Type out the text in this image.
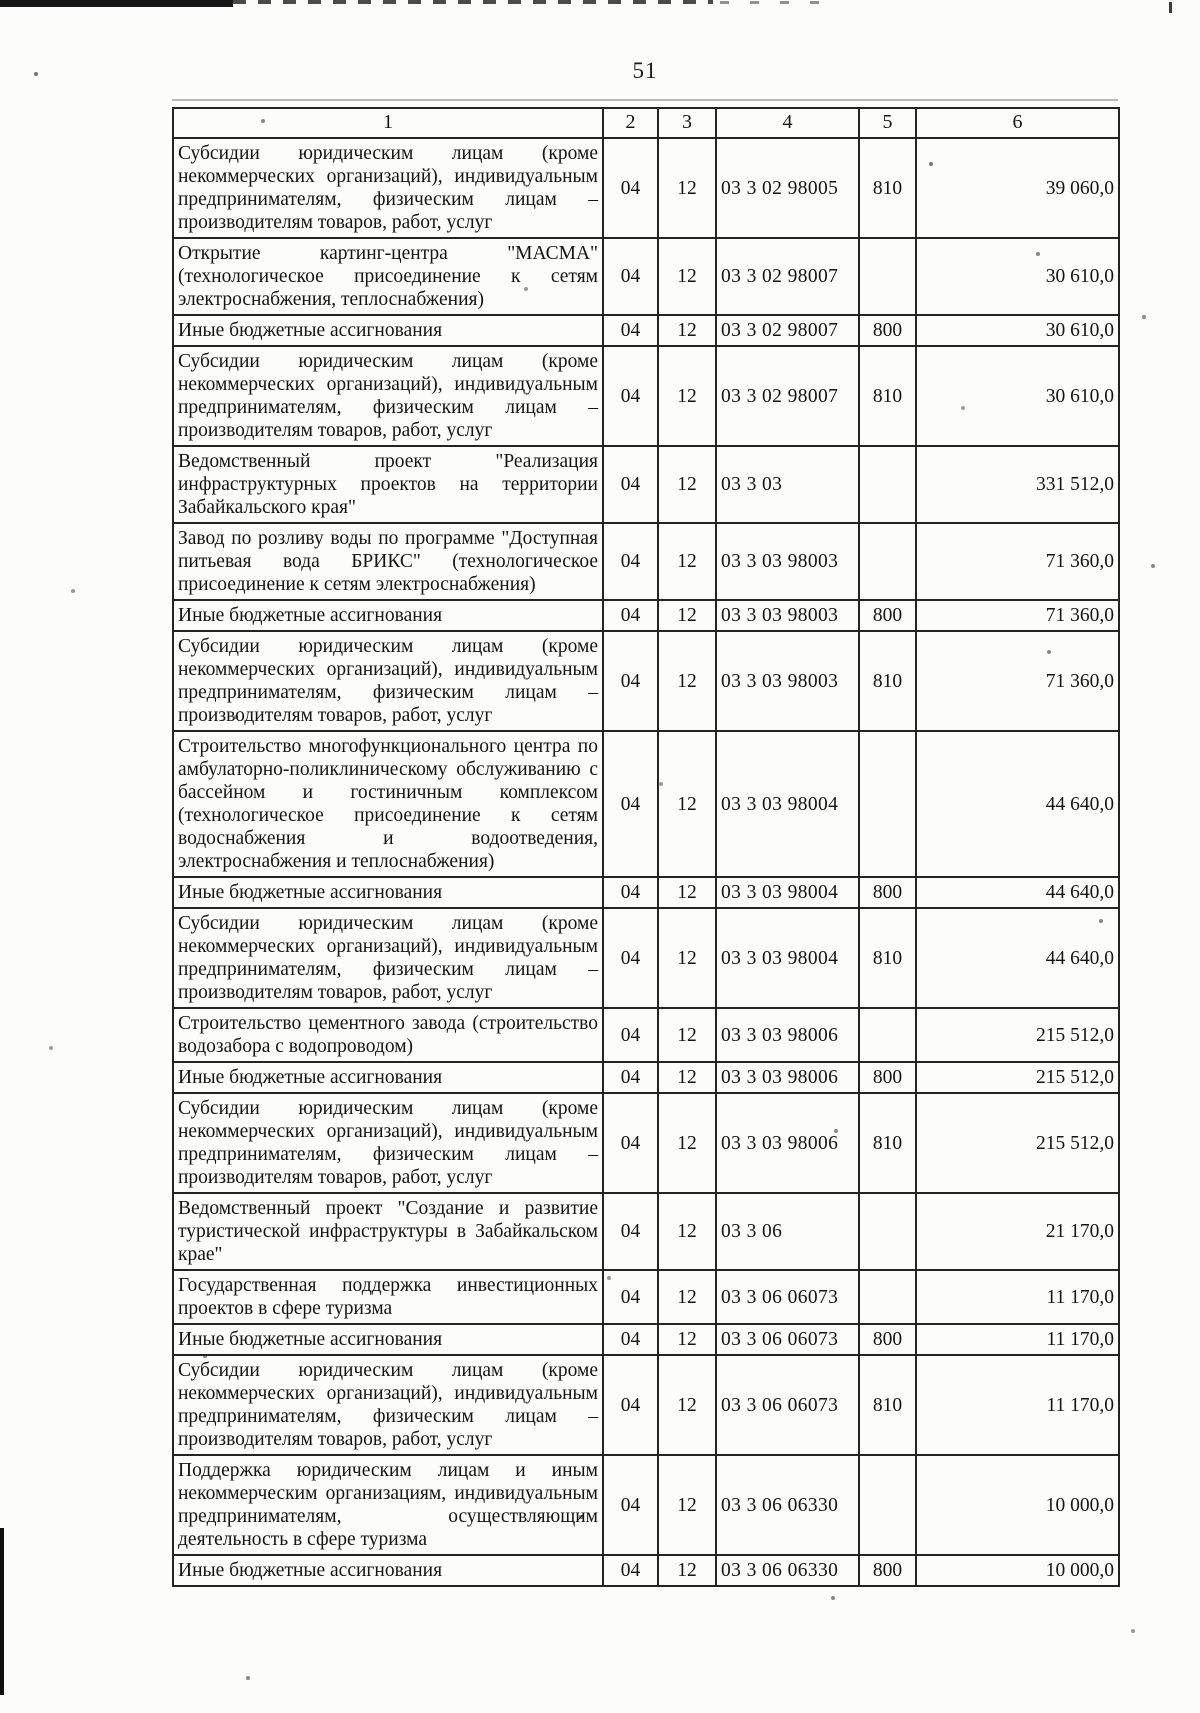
51
1	2	3	4	5	6
Субсидии юридическим лицам (кроме некоммерческих организаций), индивидуальным предпринимателям, физическим лицам – производителям товаров, работ, услуг	04	12	03 3 02 98005	810	39 060,0
Открытие картинг-центра "МАСМА" (технологическое присоединение к сетям электроснабжения, теплоснабжения)	04	12	03 3 02 98007		30 610,0
Иные бюджетные ассигнования	04	12	03 3 02 98007	800	30 610,0
Субсидии юридическим лицам (кроме некоммерческих организаций), индивидуальным предпринимателям, физическим лицам – производителям товаров, работ, услуг	04	12	03 3 02 98007	810	30 610,0
Ведомственный проект "Реализация инфраструктурных проектов на территории Забайкальского края"	04	12	03 3 03		331 512,0
Завод по розливу воды по программе "Доступная питьевая вода БРИКС" (технологическое присоединение к сетям электроснабжения)	04	12	03 3 03 98003		71 360,0
Иные бюджетные ассигнования	04	12	03 3 03 98003	800	71 360,0
Субсидии юридическим лицам (кроме некоммерческих организаций), индивидуальным предпринимателям, физическим лицам – производителям товаров, работ, услуг	04	12	03 3 03 98003	810	71 360,0
Строительство многофункционального центра по амбулаторно-поликлиническому обслуживанию с бассейном и гостиничным комплексом (технологическое присоединение к сетям водоснабжения и водоотведения, электроснабжения и теплоснабжения)	04	12	03 3 03 98004		44 640,0
Иные бюджетные ассигнования	04	12	03 3 03 98004	800	44 640,0
Субсидии юридическим лицам (кроме некоммерческих организаций), индивидуальным предпринимателям, физическим лицам – производителям товаров, работ, услуг	04	12	03 3 03 98004	810	44 640,0
Строительство цементного завода (строительство водозабора с водопроводом)	04	12	03 3 03 98006		215 512,0
Иные бюджетные ассигнования	04	12	03 3 03 98006	800	215 512,0
Субсидии юридическим лицам (кроме некоммерческих организаций), индивидуальным предпринимателям, физическим лицам – производителям товаров, работ, услуг	04	12	03 3 03 98006	810	215 512,0
Ведомственный проект "Создание и развитие туристической инфраструктуры в Забайкальском крае"	04	12	03 3 06		21 170,0
Государственная поддержка инвестиционных проектов в сфере туризма	04	12	03 3 06 06073		11 170,0
Иные бюджетные ассигнования	04	12	03 3 06 06073	800	11 170,0
Субсидии юридическим лицам (кроме некоммерческих организаций), индивидуальным предпринимателям, физическим лицам – производителям товаров, работ, услуг	04	12	03 3 06 06073	810	11 170,0
Поддержка юридическим лицам и иным некоммерческим организациям, индивидуальным предпринимателям, осуществляющим деятельность в сфере туризма	04	12	03 3 06 06330		10 000,0
Иные бюджетные ассигнования	04	12	03 3 06 06330	800	10 000,0
